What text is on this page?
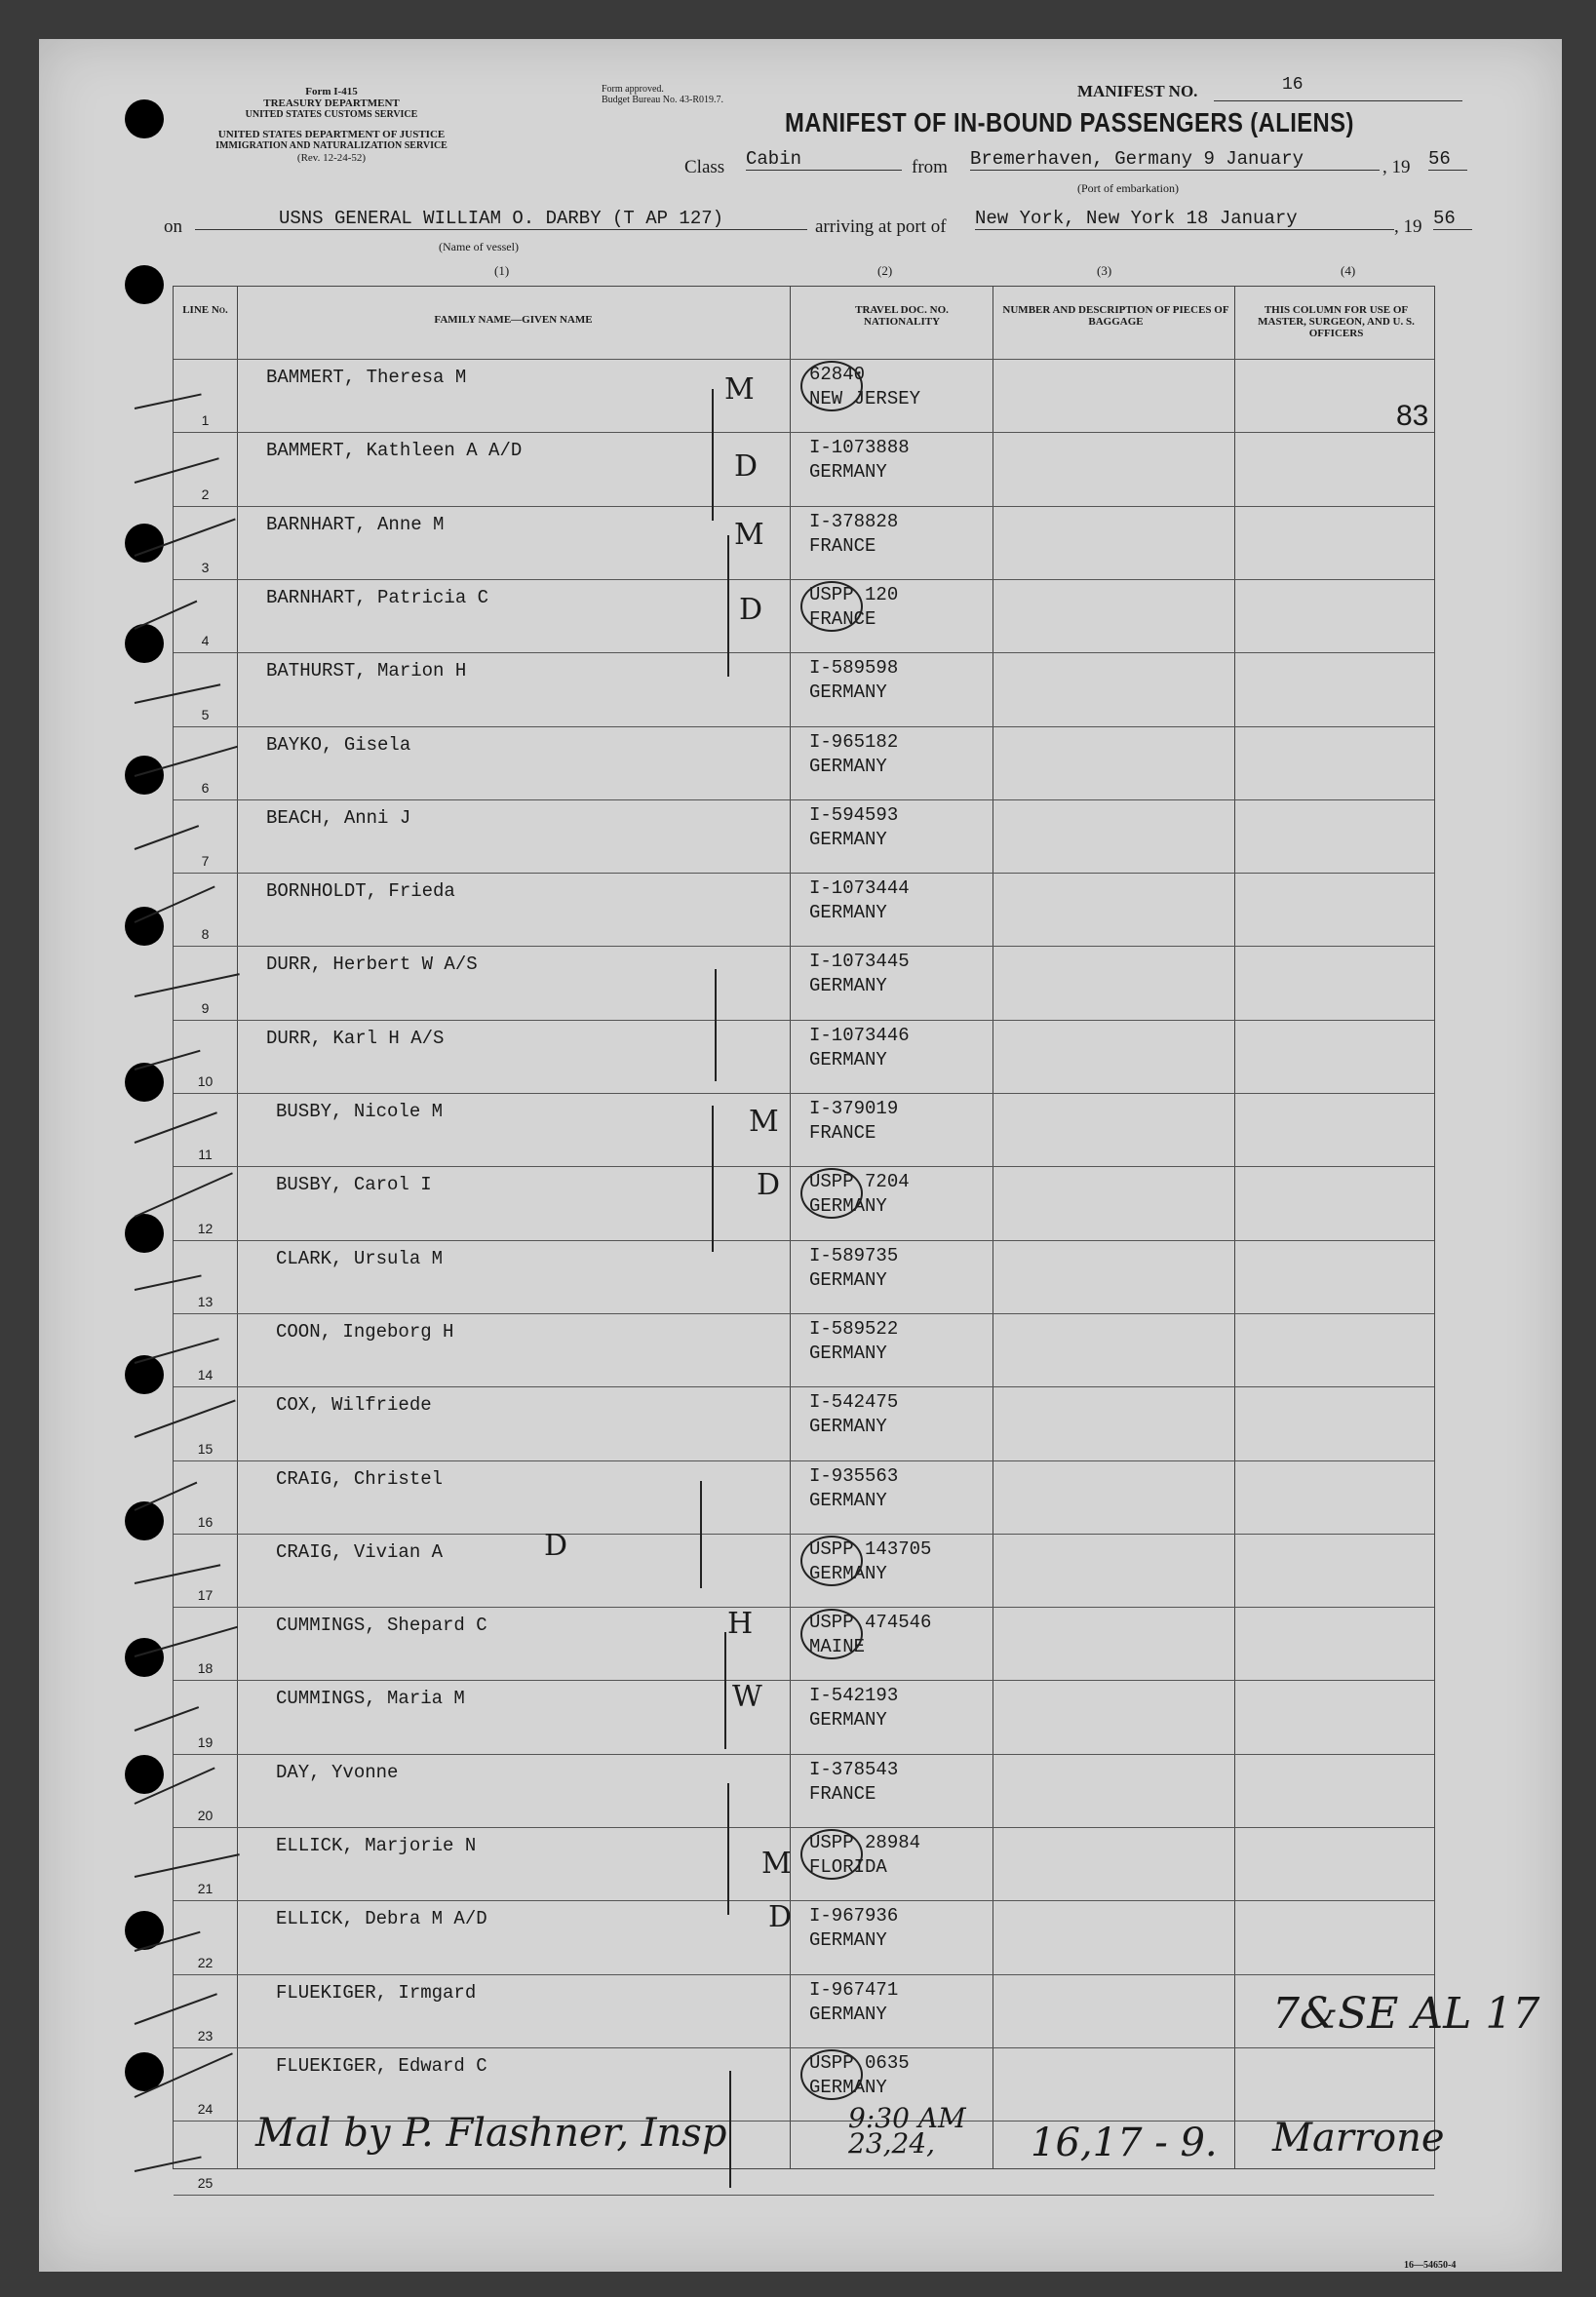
Form I-415
TREASURY DEPARTMENT
UNITED STATES CUSTOMS SERVICE
UNITED STATES DEPARTMENT OF JUSTICE
IMMIGRATION AND NATURALIZATION SERVICE
(Rev. 12-24-52)
Form approved.
Budget Bureau No. 43-R019.7.	MANIFEST NO.	16
MANIFEST OF IN-BOUND PASSENGERS (ALIENS)
Class Cabin	from Bremerhaven, Germany 9 January	, 19 56
(Port of embarkation)
on	USNS GENERAL WILLIAM O. DARBY (T AP 127)
(Name of vessel)
arriving at port of New York, New York 18 January	, 19 56
(1)	(2)	(3)	(4)
LINE No.
FAMILY NAME—GIVEN NAME
TRAVEL DOC. NO. NATIONALITY
NUMBER AND DESCRIPTION OF PIECES OF BAGGAGE
THIS COLUMN FOR USE OF MASTER, SURGEON, AND U. S. OFFICERS
1
BAMMERT, Theresa M	62840
NEW JERSEY
2
BAMMERT, Kathleen A A/D	I-1073888
GERMANY
3
BARNHART, Anne M	I-378828
FRANCE
4
BARNHART, Patricia C	USPP 120
FRANCE
5
BATHURST, Marion H	I-589598
GERMANY
6
BAYKO, Gisela	I-965182
GERMANY
7
BEACH, Anni J	I-594593
GERMANY
8
BORNHOLDT, Frieda	I-1073444
GERMANY
9
DURR, Herbert W A/S	I-1073445
GERMANY
10
DURR, Karl H A/S	I-1073446
GERMANY
11
BUSBY, Nicole M	I-379019
FRANCE
12
BUSBY, Carol I	USPP 7204
GERMANY
13
CLARK, Ursula M	I-589735
GERMANY
14
COON, Ingeborg H	I-589522
GERMANY
15
COX, Wilfriede	I-542475
GERMANY
16
CRAIG, Christel	I-935563
GERMANY
17
CRAIG, Vivian A	USPP 143705
GERMANY
18
CUMMINGS, Shepard C	USPP 474546
MAINE
19
CUMMINGS, Maria M	I-542193
GERMANY
20
DAY, Yvonne	I-378543
FRANCE
21
ELLICK, Marjorie N	USPP 28984
FLORIDA
22
ELLICK, Debra M A/D	I-967936
GERMANY
23
FLUEKIGER, Irmgard	I-967471
GERMANY
24
FLUEKIGER, Edward C	USPP 0635
GERMANY
25
M
D
M
D
M
D
D
H
W
M
D
83
7&SE AL 17
Mal by P. Flashner, Insp	9:30 AM
23,24,	16,17 - 9. Marrone
16—54650-4
